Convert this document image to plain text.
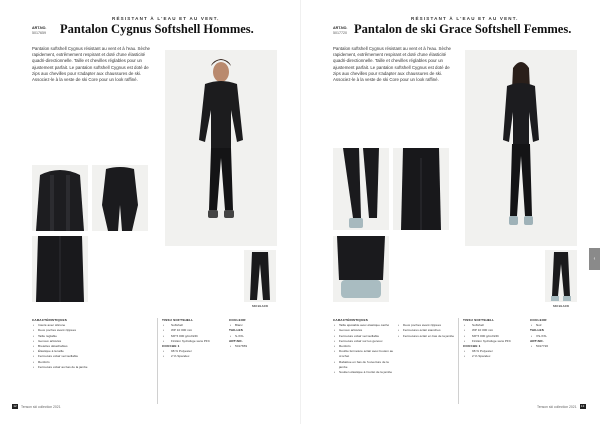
RÉSISTANT À L'EAU ET AU VENT.
ART.NO.
5017659 Pantalon Cygnus Softshell Hommes.
Pantalon softshell Cygnus résistant au vent et à l'eau. Sèche rapidement, extrêmement respirant et doté d'une élasticité quadri-directionnelle. Taille et chevilles réglables pour un ajustement parfait. Le pantalon softshell Cygnus est doté de zips aux chevilles pour s'adapter aux chaussures de ski. Associez-le à la veste de ski Core pour un look raffiné.
SKI BLACK
CARACTÉRISTIQUES
• Inséré avec silicone
• Deux poches avant zippées
• Taille réglable
• Genoux articulés
• Bretelles détachables
• Élastique à la taille
• Fermeture éclair verrouillable
• Renforts
• Fermeture éclair au bas de la jambe
TISSU SOFTSHELL
• Softshell
• WP 10 000 mm
• MP 5 000 g/m2/24h
• Finition hydrofuge sans PFC
COUCHE 1
• 98 % Polyester
• 2 % Spandex
COULEUR
• Blanc
TAILLES
• S-XXL
ART.NO.
• 5017659
12	Tenson ski collection 2021
RÉSISTANT À L'EAU ET AU VENT.
ART.NO.
5017720 Pantalon de ski Grace Softshell Femmes.
Pantalon softshell Cygnus résistant au vent et à l'eau. Sèche rapidement, extrêmement respirant et doté d'une élasticité quadri-directionnelle. Taille et chevilles réglables pour un ajustement parfait. Le pantalon softshell Cygnus est doté de zips aux chevilles pour s'adapter aux chaussures de ski. Associez-le à la veste de ski Core pour un look raffiné.
SKI BLACK
CARACTÉRISTIQUES
• Taille ajustable avec élastique caché
• Genoux articulés
• Fermeture éclair verrouillable
• Fermeture éclair sur les genoux
• Renforts
• Double fermeture éclair avec bouton au crochet
• Rabattue en bas de l'ouverture de la jambe
• Soutien élastique à l'ourlet de la jambe
• Deux poches avant zippées
• Fermetures éclair étanches
• Fermetures éclair en bas de la jambe
TISSU SOFTSHELL
• Softshell
• WP 10 000 mm
• MP 5 000 g/m2/24h
• Finition hydrofuge sans PFC
COUCHE 1
• 98 % Polyester
• 2 % Spandex
COULEUR
• Noir
TAILLES
• XS-XXL
ART.NO.
• 5017720
Tenson ski collection 2021	13
‹
